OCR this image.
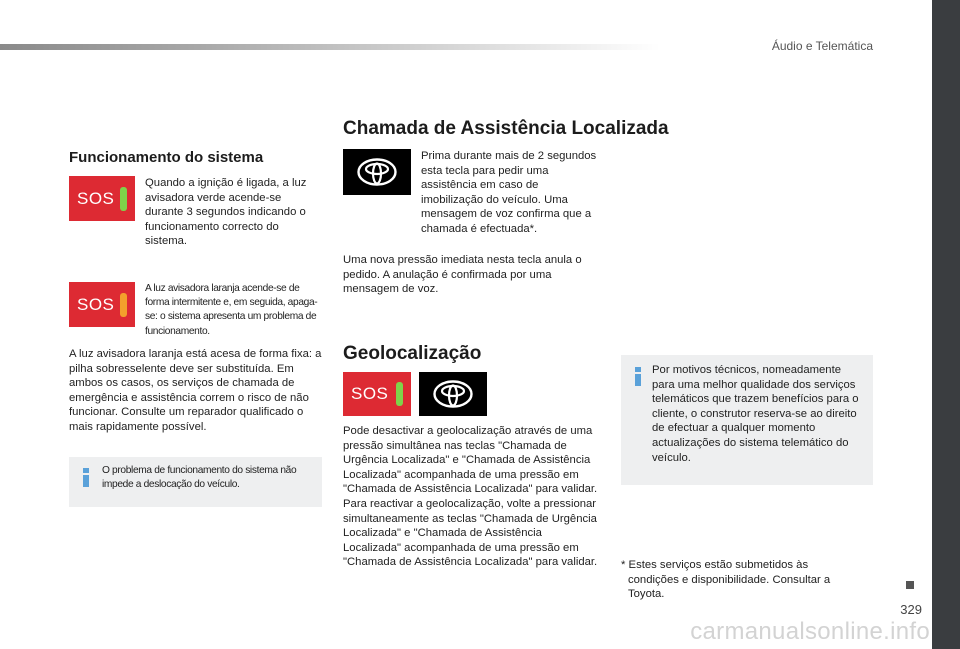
Áudio e Telemática
329
carmanualsonline.info
Funcionamento do sistema
SOS
Quando a ignição é ligada, a luz avisadora verde acende-se durante 3 segundos indicando o funcionamento correcto do sistema.
SOS
A luz avisadora laranja acende-se de forma intermitente e, em seguida, apaga-se: o sistema apresenta um problema de funcionamento.
A luz avisadora laranja está acesa de forma fixa: a pilha sobresselente deve ser substituída. Em ambos os casos, os serviços de chamada de emergência e assistência correm o risco de não funcionar. Consulte um reparador qualificado o mais rapidamente possível.
O problema de funcionamento do sistema não impede a deslocação do veículo.
Chamada de Assistência Localizada
Prima durante mais de 2 segundos esta tecla para pedir uma assistência em caso de imobilização do veículo. Uma mensagem de voz confirma que a chamada é efectuada*.
Uma nova pressão imediata nesta tecla anula o pedido. A anulação é confirmada por uma mensagem de voz.
Geolocalização
SOS
Pode desactivar a geolocalização através de uma pressão simultânea nas teclas "Chamada de Urgência Localizada" e "Chamada de Assistência Localizada" acompanhada de uma pressão em "Chamada de Assistência Localizada" para validar. Para reactivar a geolocalização, volte a pressionar simultaneamente as teclas "Chamada de Urgência Localizada" e "Chamada de Assistência Localizada" acompanhada de uma pressão em "Chamada de Assistência Localizada" para validar.
Por motivos técnicos, nomeadamente para uma melhor qualidade dos serviços telemáticos que trazem benefícios para o cliente, o construtor reserva-se ao direito de efectuar a qualquer momento actualizações do sistema telemático do veículo.
* Estes serviços estão submetidos às condições e disponibilidade. Consultar a Toyota.
